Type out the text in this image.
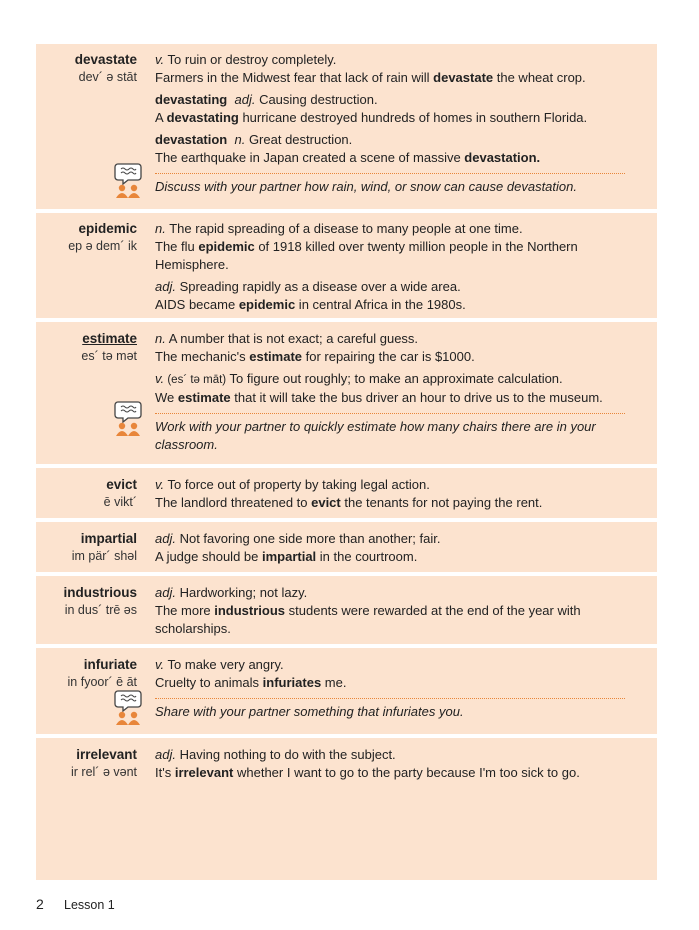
devastate
dev´ ə stāt
v. To ruin or destroy completely.
Farmers in the Midwest fear that lack of rain will devastate the wheat crop.
devastating adj. Causing destruction.
A devastating hurricane destroyed hundreds of homes in southern Florida.
devastation n. Great destruction.
The earthquake in Japan created a scene of massive devastation.
Discuss with your partner how rain, wind, or snow can cause devastation.
epidemic
ep ə dem´ ik
n. The rapid spreading of a disease to many people at one time.
The flu epidemic of 1918 killed over twenty million people in the Northern Hemisphere.
adj. Spreading rapidly as a disease over a wide area.
AIDS became epidemic in central Africa in the 1980s.
estimate
es´ tə mət
n. A number that is not exact; a careful guess.
The mechanic's estimate for repairing the car is $1000.
v. (es´ tə māt) To figure out roughly; to make an approximate calculation.
We estimate that it will take the bus driver an hour to drive us to the museum.
Work with your partner to quickly estimate how many chairs there are in your classroom.
evict
ē vikt´
v. To force out of property by taking legal action.
The landlord threatened to evict the tenants for not paying the rent.
impartial
im pär´ shəl
adj. Not favoring one side more than another; fair.
A judge should be impartial in the courtroom.
industrious
in dus´ trē əs
adj. Hardworking; not lazy.
The more industrious students were rewarded at the end of the year with scholarships.
infuriate
in fyoor´ ē āt
v. To make very angry.
Cruelty to animals infuriates me.
Share with your partner something that infuriates you.
irrelevant
ir rel´ ə vənt
adj. Having nothing to do with the subject.
It's irrelevant whether I want to go to the party because I'm too sick to go.
2 Lesson 1
